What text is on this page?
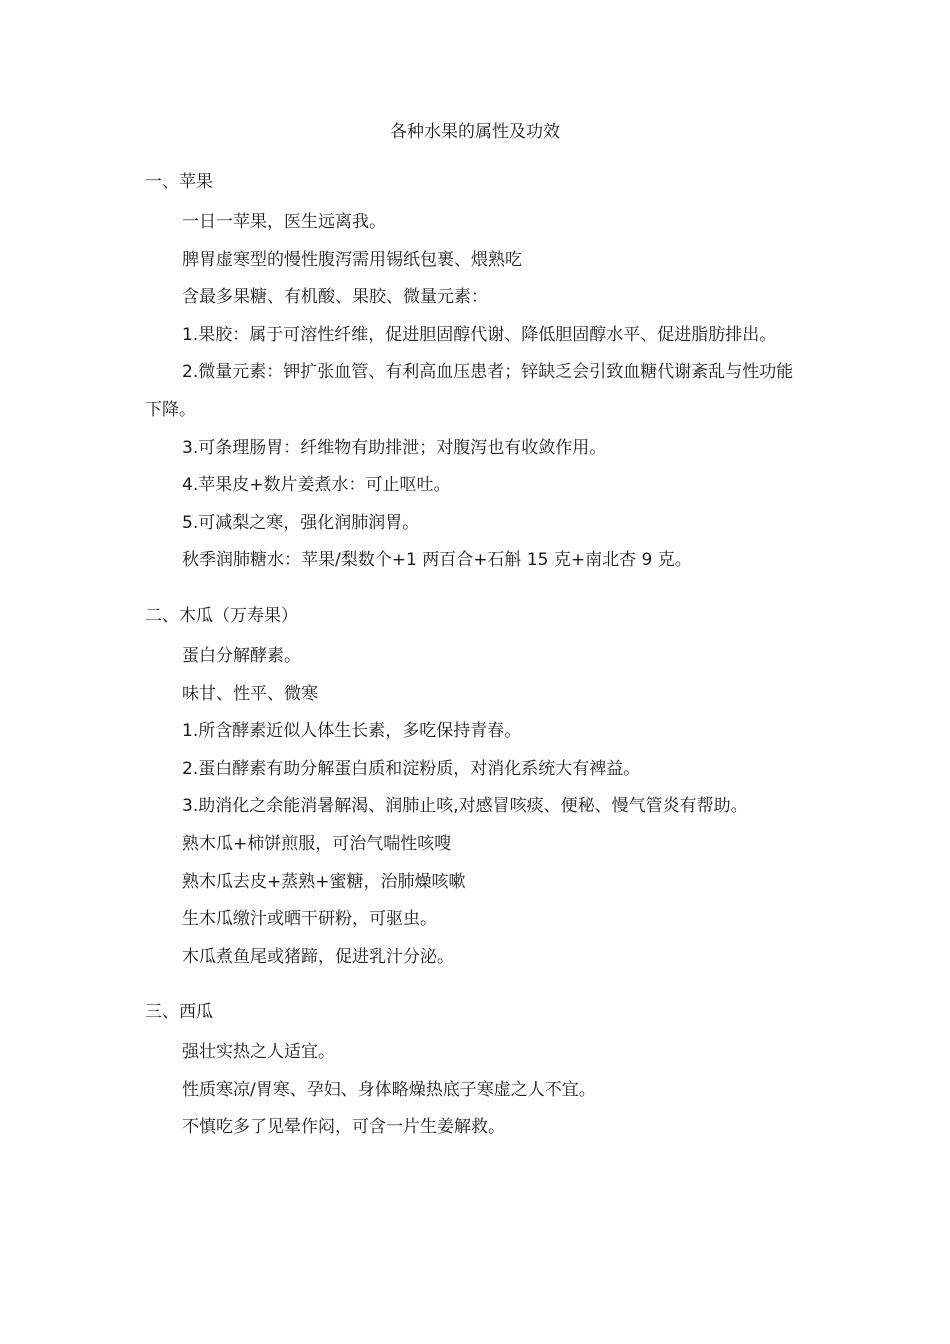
各种水果的属性及功效
一、苹果

一日一苹果，医生远离我。

脾胃虚寒型的慢性腹泻需用锡纸包裹、煨熟吃

含最多果糖、有机酸、果胶、微量元素：

1.果胶：属于可溶性纤维，促进胆固醇代谢、降低胆固醇水平、促进脂肪排出。

2.微量元素：钾扩张血管、有利高血压患者；锌缺乏会引致血糖代谢紊乱与性功能下降。

3.可条理肠胃：纤维物有助排泄；对腹泻也有收敛作用。

4.苹果皮+数片姜煮水：可止呕吐。

5.可减梨之寒，强化润肺润胃。

秋季润肺糖水：苹果/梨数个+1 两百合+石斛 15 克+南北杏 9 克。

二、木瓜（万寿果）

蛋白分解酵素。

味甘、性平、微寒

1.所含酵素近似人体生长素，多吃保持青春。

2.蛋白酵素有助分解蛋白质和淀粉质，对消化系统大有裨益。

3.助消化之余能消暑解渴、润肺止咳,对感冒咳痰、便秘、慢气管炎有帮助。

熟木瓜+柿饼煎服，可治气喘性咳嗖

熟木瓜去皮+蒸熟+蜜糖，治肺燥咳嗽

生木瓜缴汁或晒干研粉，可驱虫。

木瓜煮鱼尾或猪蹄，促进乳汁分泌。

三、西瓜

强壮实热之人适宜。

性质寒凉/胃寒、孕妇、身体略燥热底子寒虚之人不宜。

不慎吃多了见晕作闷，可含一片生姜解救。
